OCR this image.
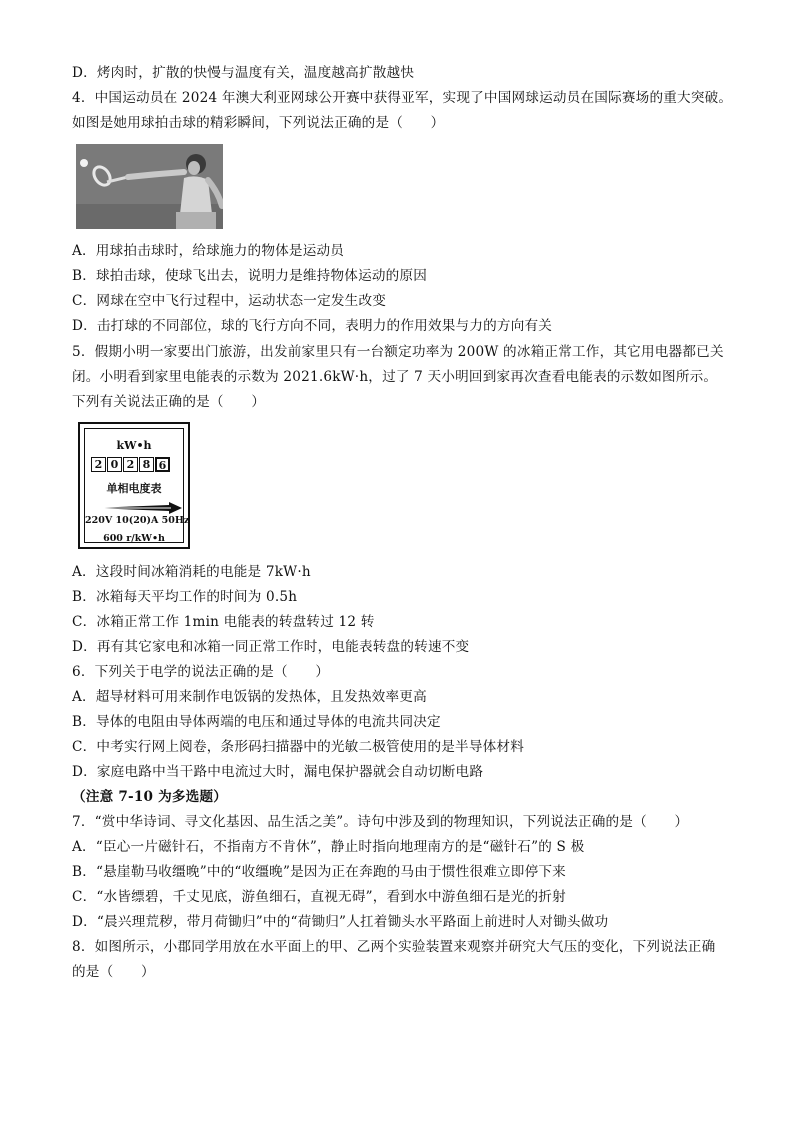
D．烤肉时，扩散的快慢与温度有关，温度越高扩散越快
4．中国运动员在 2024 年澳大利亚网球公开赛中获得亚军，实现了中国网球运动员在国际赛场的重大突破。
如图是她用球拍击球的精彩瞬间，下列说法正确的是（　　）
A．用球拍击球时，给球施力的物体是运动员
B．球拍击球，使球飞出去，说明力是维持物体运动的原因
C．网球在空中飞行过程中，运动状态一定发生改变
D．击打球的不同部位，球的飞行方向不同，表明力的作用效果与力的方向有关
5．假期小明一家要出门旅游，出发前家里只有一台额定功率为 200W 的冰箱正常工作，其它用电器都已关
闭。小明看到家里电能表的示数为 2021.6kW·h，过了 7 天小明回到家再次查看电能表的示数如图所示。
下列有关说法正确的是（　　）
kW•h
2 0 2 8 6
单相电度表
220V 10(20)A 50Hz
600 r/kW•h
A．这段时间冰箱消耗的电能是 7kW·h
B．冰箱每天平均工作的时间为 0.5h
C．冰箱正常工作 1min 电能表的转盘转过 12 转
D．再有其它家电和冰箱一同正常工作时，电能表转盘的转速不变
6．下列关于电学的说法正确的是（　　）
A．超导材料可用来制作电饭锅的发热体，且发热效率更高
B．导体的电阻由导体两端的电压和通过导体的电流共同决定
C．中考实行网上阅卷，条形码扫描器中的光敏二极管使用的是半导体材料
D．家庭电路中当干路中电流过大时，漏电保护器就会自动切断电路
（注意 7-10 为多选题）
7．“赏中华诗词、寻文化基因、品生活之美”。诗句中涉及到的物理知识，下列说法正确的是（　　）
A．“臣心一片磁针石，不指南方不肯休”，静止时指向地理南方的是“磁针石”的 S 极
B．“悬崖勒马收缰晚”中的“收缰晚”是因为正在奔跑的马由于惯性很难立即停下来
C．“水皆缥碧，千丈见底，游鱼细石，直视无碍”，看到水中游鱼细石是光的折射
D．“晨兴理荒秽，带月荷锄归”中的“荷锄归”人扛着锄头水平路面上前进时人对锄头做功
8．如图所示，小郡同学用放在水平面上的甲、乙两个实验装置来观察并研究大气压的变化，下列说法正确
的是（　　）
